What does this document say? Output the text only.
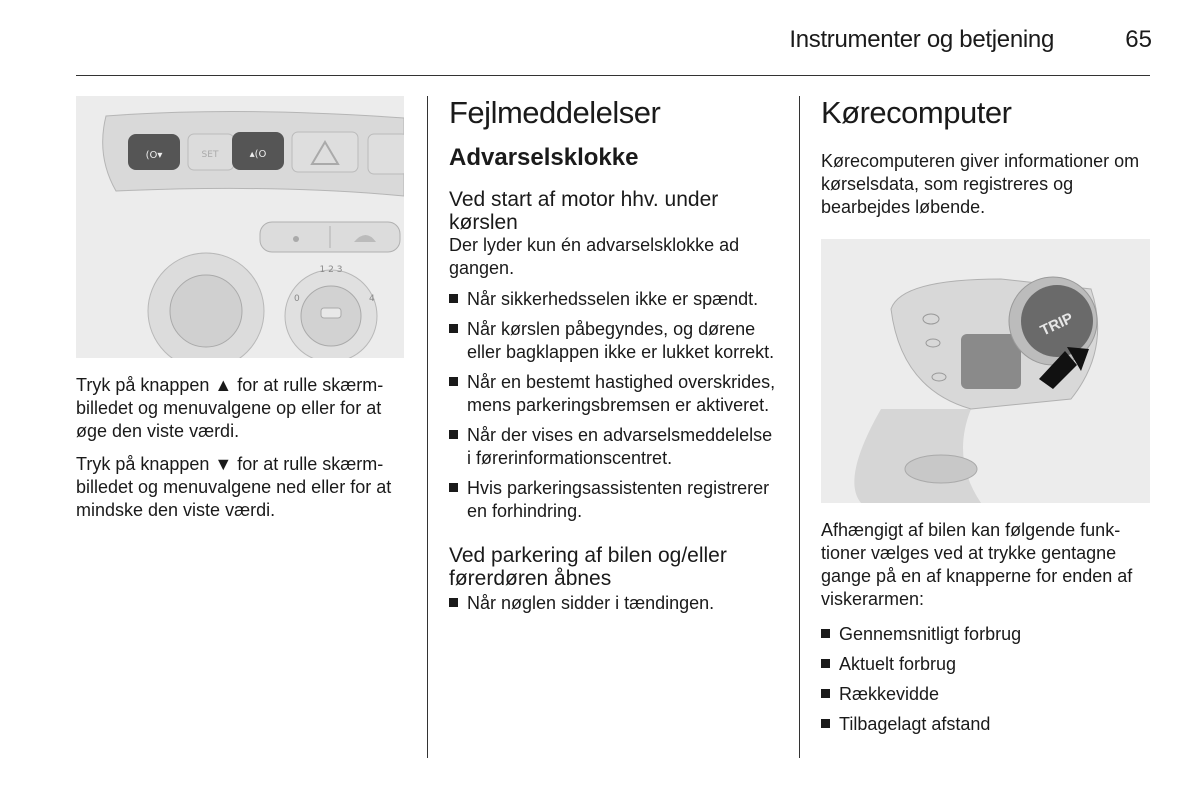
Instrumenter og betjening	65
(O▾	SET	▴(O
1 2 3
0	4

Tryk på knappen ▲ for at rulle skærmbilledet og menuvalgene op eller for at øge den viste værdi.

Tryk på knappen ▼ for at rulle skærmbilledet og menuvalgene ned eller for at mindske den viste værdi.

Fejlmeddelelser
Advarselsklokke
Ved start af motor hhv. under kørslen

Der lyder kun én advarselsklokke ad gangen.

Når sikkerhedsselen ikke er spændt.
Når kørslen påbegyndes, og dørene eller bagklappen ikke er lukket korrekt.
Når en bestemt hastighed overskrides, mens parkeringsbremsen er aktiveret.
Når der vises en advarselsmeddelelse i førerinformationscentret.
Hvis parkeringsassistenten registrerer en forhindring.
Ved parkering af bilen og/eller førerdøren åbnes
Når nøglen sidder i tændingen.
Kørecomputer

Kørecomputeren giver informationer om kørselsdata, som registreres og bearbejdes løbende.

TRIP

Afhængigt af bilen kan følgende funktioner vælges ved at trykke gentagne gange på en af knapperne for enden af viskerarmen:

Gennemsnitligt forbrug
Aktuelt forbrug
Rækkevidde
Tilbagelagt afstand
